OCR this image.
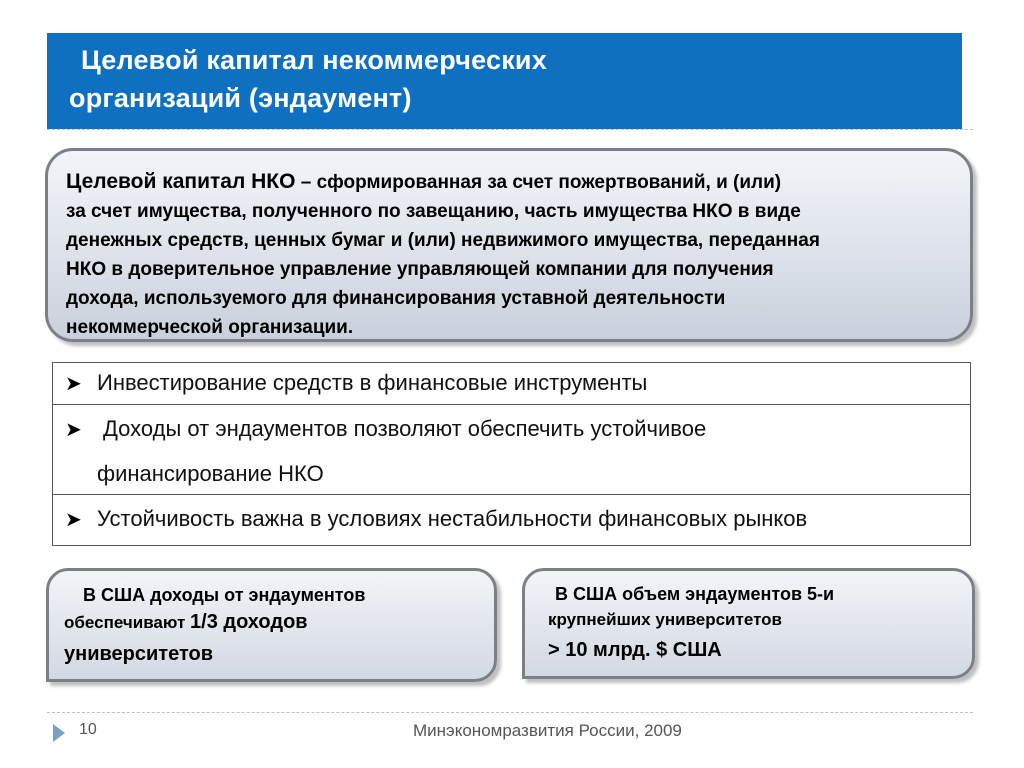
Целевой капитал некоммерческих
организаций (эндаумент)
Целевой капитал НКО – сформированная за счет пожертвований, и (или)
за счет имущества, полученного по завещанию, часть имущества НКО в виде
денежных средств, ценных бумаг и (или) недвижимого имущества, переданная
НКО в доверительное управление управляющей компании для получения
дохода, используемого для финансирования уставной деятельности
некоммерческой организации.
➤ Инвестирование средств в финансовые инструменты
➤ Доходы от эндаументов позволяют обеспечить устойчивое
финансирование НКО
➤ Устойчивость важна в условиях нестабильности финансовых рынков
В США доходы от эндаументов
обеспечивают 1/3 доходов
университетов
В США объем эндаументов 5-и
крупнейших университетов
> 10 млрд. $ США
10	Минэкономразвития России, 2009
